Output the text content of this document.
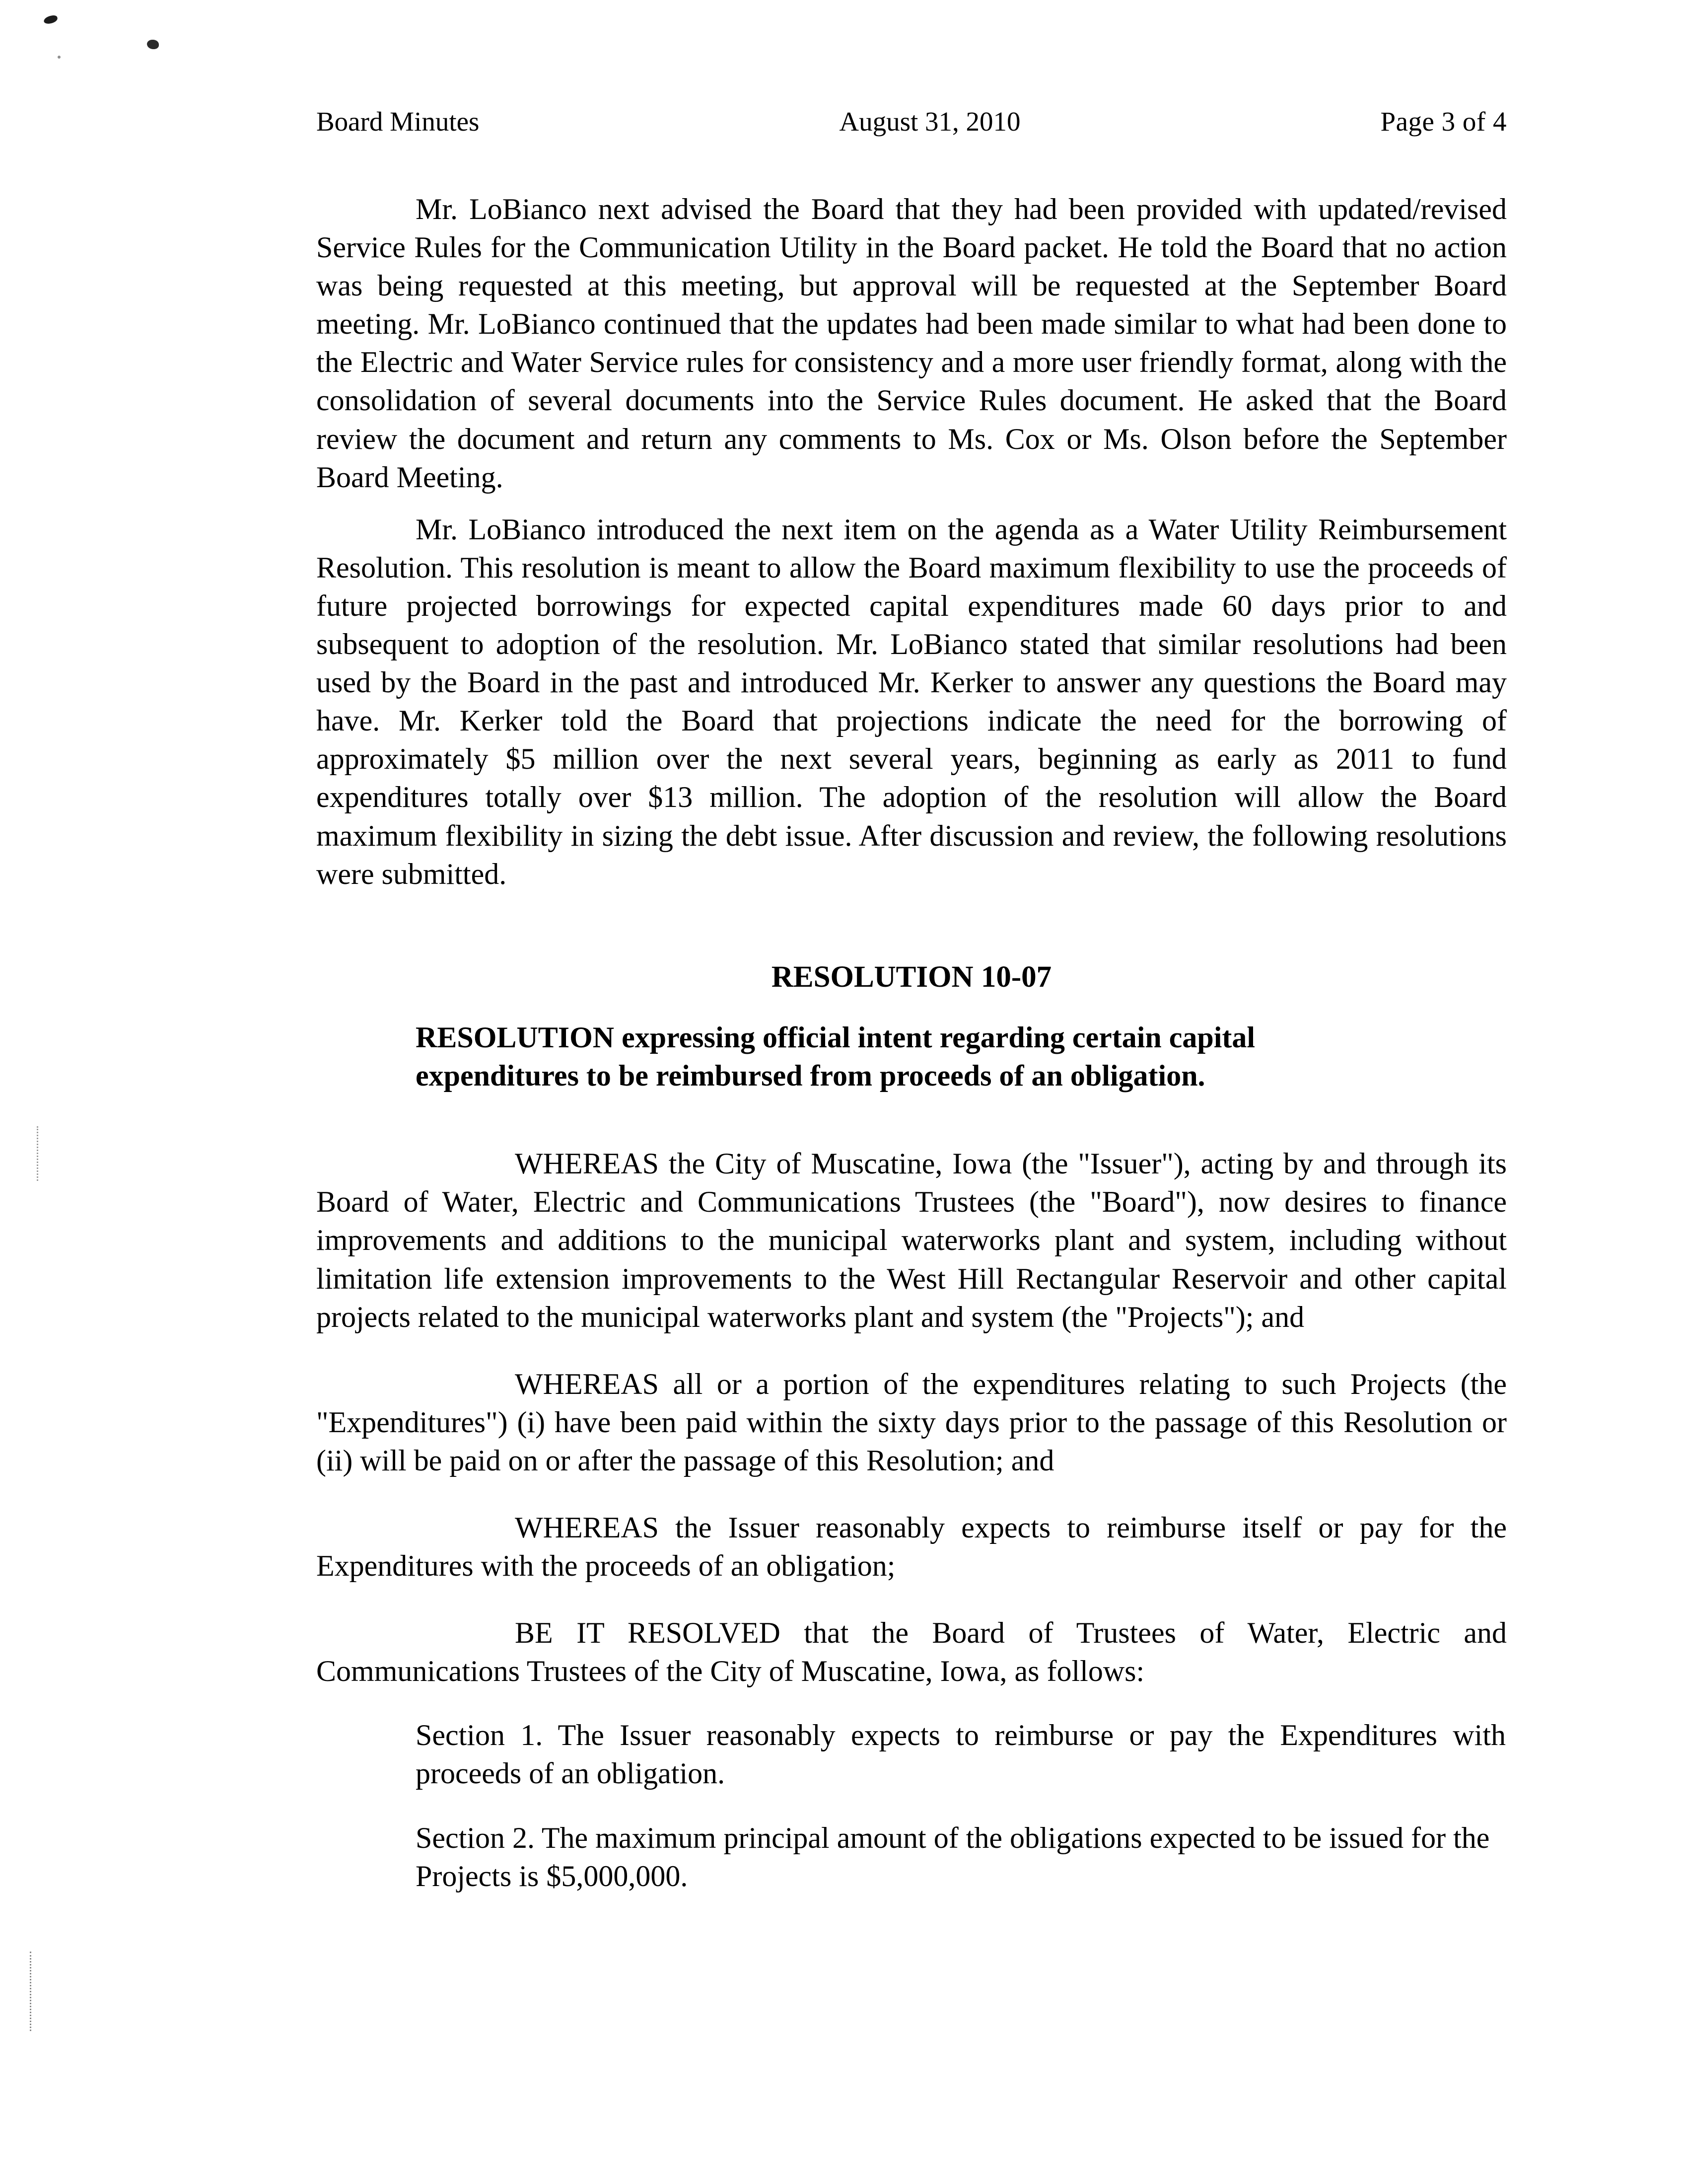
Board Minutes	August 31, 2010	Page 3 of 4

Mr. LoBianco next advised the Board that they had been provided with updated/revised Service Rules for the Communication Utility in the Board packet. He told the Board that no action was being requested at this meeting, but approval will be requested at the September Board meeting. Mr. LoBianco continued that the updates had been made similar to what had been done to the Electric and Water Service rules for consistency and a more user friendly format, along with the consolidation of several documents into the Service Rules document. He asked that the Board review the document and return any comments to Ms. Cox or Ms. Olson before the September Board Meeting.

Mr. LoBianco introduced the next item on the agenda as a Water Utility Reimbursement Resolution. This resolution is meant to allow the Board maximum flexibility to use the proceeds of future projected borrowings for expected capital expenditures made 60 days prior to and subsequent to adoption of the resolution. Mr. LoBianco stated that similar resolutions had been used by the Board in the past and introduced Mr. Kerker to answer any questions the Board may have. Mr. Kerker told the Board that projections indicate the need for the borrowing of approximately $5 million over the next several years, beginning as early as 2011 to fund expenditures totally over $13 million. The adoption of the resolution will allow the Board maximum flexibility in sizing the debt issue. After discussion and review, the following resolutions were submitted.

RESOLUTION 10-07

RESOLUTION expressing official intent regarding certain capital expenditures to be reimbursed from proceeds of an obligation.

WHEREAS the City of Muscatine, Iowa (the "Issuer"), acting by and through its Board of Water, Electric and Communications Trustees (the "Board"), now desires to finance improvements and additions to the municipal waterworks plant and system, including without limitation life extension improvements to the West Hill Rectangular Reservoir and other capital projects related to the municipal waterworks plant and system (the "Projects"); and

WHEREAS all or a portion of the expenditures relating to such Projects (the "Expenditures") (i) have been paid within the sixty days prior to the passage of this Resolution or (ii) will be paid on or after the passage of this Resolution; and

WHEREAS the Issuer reasonably expects to reimburse itself or pay for the Expenditures with the proceeds of an obligation;

BE IT RESOLVED that the Board of Trustees of Water, Electric and Communications Trustees of the City of Muscatine, Iowa, as follows:

Section 1. The Issuer reasonably expects to reimburse or pay the Expenditures with proceeds of an obligation.

Section 2. The maximum principal amount of the obligations expected to be issued for the Projects is $5,000,000.
